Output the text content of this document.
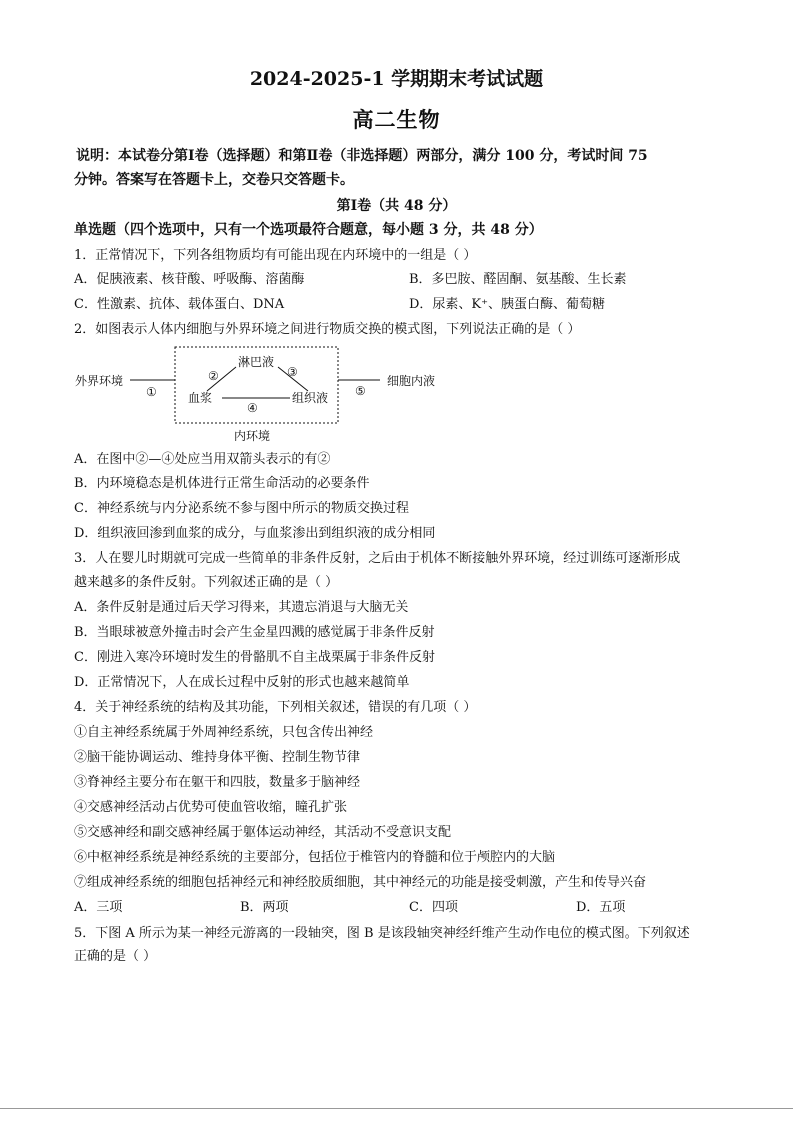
2024-2025-1 学期期末考试试题
高二生物
说明：本试卷分第Ⅰ卷（选择题）和第Ⅱ卷（非选择题）两部分，满分 100 分，考试时间 75
分钟。答案写在答题卡上，交卷只交答题卡。
第Ⅰ卷（共 48 分）
单选题（四个选项中，只有一个选项最符合题意，每小题 3 分，共 48 分）
1．正常情况下，下列各组物质均有可能出现在内环境中的一组是（ ）
A．促胰液素、核苷酸、呼吸酶、溶菌酶	B．多巴胺、醛固酮、氨基酸、生长素
C．性激素、抗体、载体蛋白、DNA	D．尿素、K⁺、胰蛋白酶、葡萄糖
2．如图表示人体内细胞与外界环境之间进行物质交换的模式图，下列说法正确的是（ ）
外界环境
①
淋巴液
②	③
血浆	组织液
④
⑤
细胞内液
内环境
A．在图中②—④处应当用双箭头表示的有②
B．内环境稳态是机体进行正常生命活动的必要条件
C．神经系统与内分泌系统不参与图中所示的物质交换过程
D．组织液回渗到血浆的成分，与血浆渗出到组织液的成分相同
3．人在婴儿时期就可完成一些简单的非条件反射，之后由于机体不断接触外界环境，经过训练可逐渐形成
越来越多的条件反射。下列叙述正确的是（ ）
A．条件反射是通过后天学习得来，其遗忘消退与大脑无关
B．当眼球被意外撞击时会产生金星四溅的感觉属于非条件反射
C．刚进入寒冷环境时发生的骨骼肌不自主战栗属于非条件反射
D．正常情况下，人在成长过程中反射的形式也越来越简单
4．关于神经系统的结构及其功能，下列相关叙述，错误的有几项（ ）
①自主神经系统属于外周神经系统，只包含传出神经
②脑干能协调运动、维持身体平衡、控制生物节律
③脊神经主要分布在躯干和四肢，数量多于脑神经
④交感神经活动占优势可使血管收缩，瞳孔扩张
⑤交感神经和副交感神经属于躯体运动神经，其活动不受意识支配
⑥中枢神经系统是神经系统的主要部分，包括位于椎管内的脊髓和位于颅腔内的大脑
⑦组成神经系统的细胞包括神经元和神经胶质细胞，其中神经元的功能是接受刺激，产生和传导兴奋
A．三项	B．两项	C．四项	D．五项
5．下图 A 所示为某一神经元游离的一段轴突，图 B 是该段轴突神经纤维产生动作电位的模式图。下列叙述
正确的是（ ）
